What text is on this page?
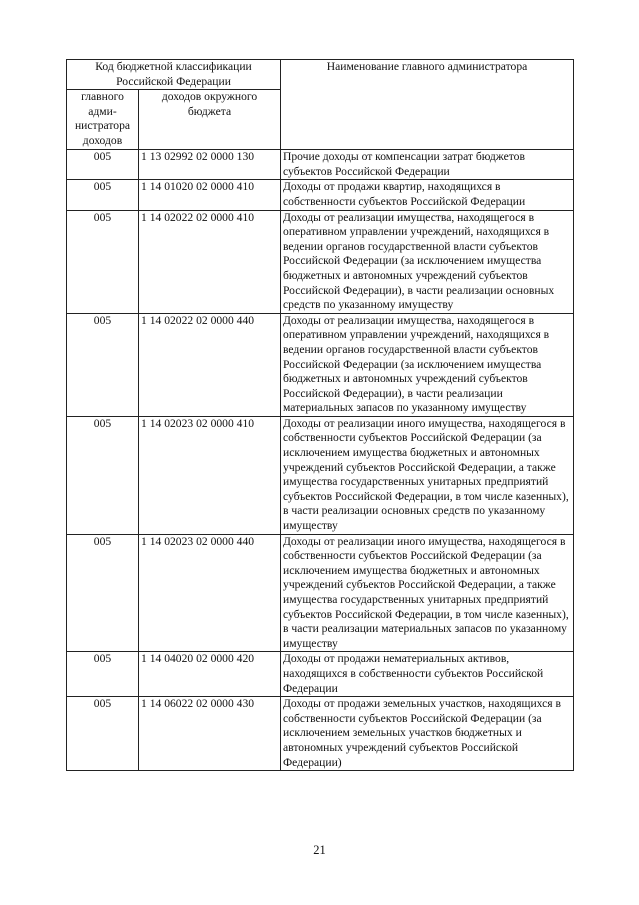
Код бюджетной классификации Российской Федерации		Наименование главного администратора
главного адми-нистратора доходов	доходов окружного бюджета	
005	1 13 02992 02 0000 130	Прочие доходы от компенсации затрат бюджетов субъектов Российской Федерации
005	1 14 01020 02 0000 410	Доходы от продажи квартир, находящихся в собственности субъектов Российской Федерации
005	1 14 02022 02 0000 410	Доходы от реализации имущества, находящегося в оперативном управлении учреждений, находящихся в ведении органов государственной власти субъектов Российской Федерации (за исключением имущества бюджетных и автономных учреждений субъектов Российской Федерации), в части реализации основных средств по указанному имуществу
005	1 14 02022 02 0000 440	Доходы от реализации имущества, находящегося в оперативном управлении учреждений, находящихся в ведении органов государственной власти субъектов Российской Федерации (за исключением имущества бюджетных и автономных учреждений субъектов Российской Федерации), в части реализации материальных запасов по указанному имуществу
005	1 14 02023 02 0000 410	Доходы от реализации иного имущества, находящегося в собственности субъектов Российской Федерации (за исключением имущества бюджетных и автономных учреждений субъектов Российской Федерации, а также имущества государственных унитарных предприятий субъектов Российской Федерации, в том числе казенных), в части реализации основных средств по указанному имуществу
005	1 14 02023 02 0000 440	Доходы от реализации иного имущества, находящегося в собственности субъектов Российской Федерации (за исключением имущества бюджетных и автономных учреждений субъектов Российской Федерации, а также имущества государственных унитарных предприятий субъектов Российской Федерации, в том числе казенных), в части реализации материальных запасов по указанному имуществу
005	1 14 04020 02 0000 420	Доходы от продажи нематериальных активов, находящихся в собственности субъектов Российской Федерации
005	1 14 06022 02 0000 430	Доходы от продажи земельных участков, находящихся в собственности субъектов Российской Федерации (за исключением земельных участков бюджетных и автономных учреждений субъектов Российской Федерации)
21
